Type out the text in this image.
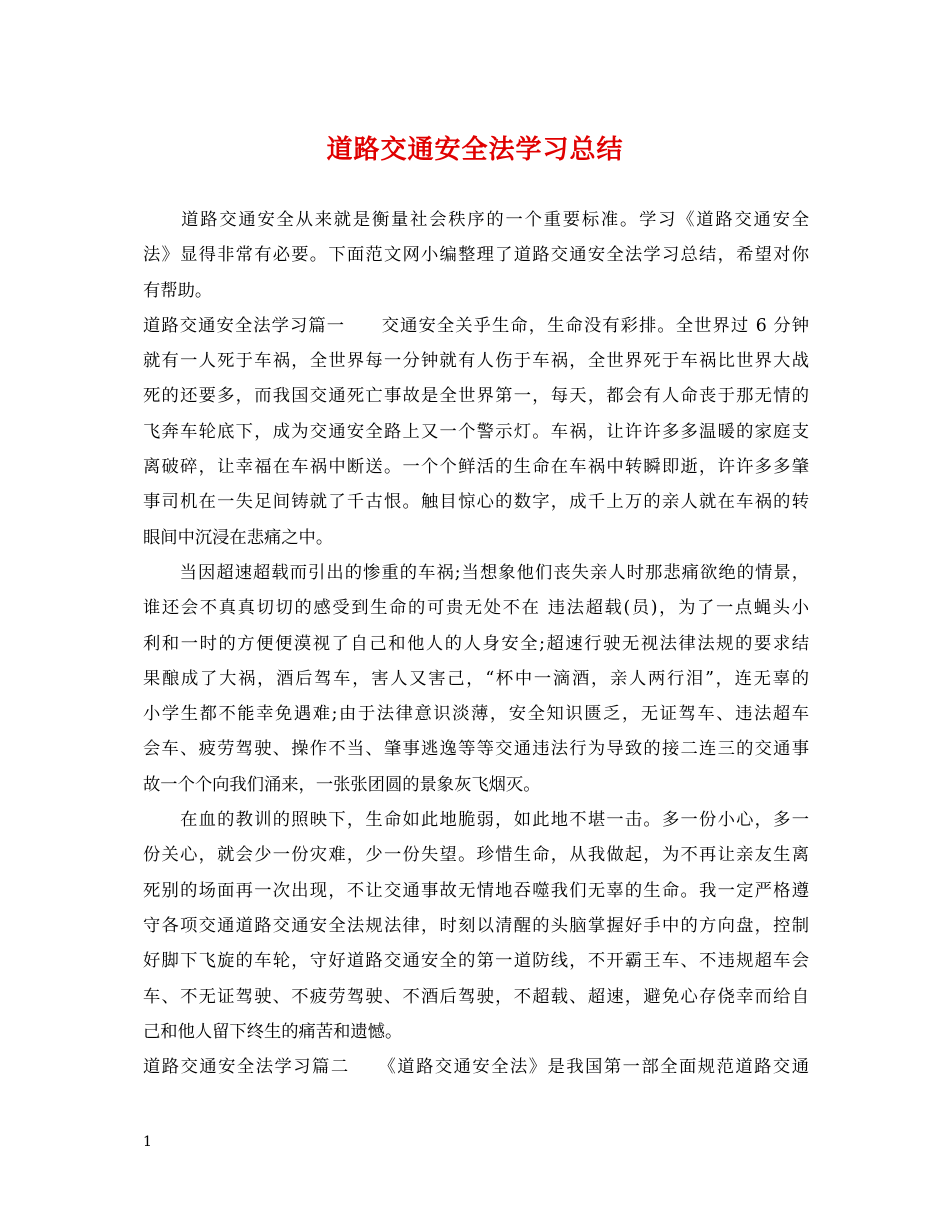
道路交通安全法学习总结
　　道路交通安全从来就是衡量社会秩序的一个重要标准。学习《道路交通安全
法》显得非常有必要。下面范文网小编整理了道路交通安全法学习总结，希望对你
有帮助。
道路交通安全法学习篇一　　交通安全关乎生命，生命没有彩排。全世界过 6 分钟
就有一人死于车祸，全世界每一分钟就有人伤于车祸，全世界死于车祸比世界大战
死的还要多，而我国交通死亡事故是全世界第一，每天，都会有人命丧于那无情的
飞奔车轮底下，成为交通安全路上又一个警示灯。车祸，让许许多多温暖的家庭支
离破碎，让幸福在车祸中断送。一个个鲜活的生命在车祸中转瞬即逝，许许多多肇
事司机在一失足间铸就了千古恨。触目惊心的数字，成千上万的亲人就在车祸的转
眼间中沉浸在悲痛之中。
　　当因超速超载而引出的惨重的车祸;当想象他们丧失亲人时那悲痛欲绝的情景，
谁还会不真真切切的感受到生命的可贵无处不在 违法超载(员)，为了一点蝇头小
利和一时的方便便漠视了自己和他人的人身安全;超速行驶无视法律法规的要求结
果酿成了大祸，酒后驾车，害人又害己，“杯中一滴酒，亲人两行泪”，连无辜的
小学生都不能幸免遇难;由于法律意识淡薄，安全知识匮乏，无证驾车、违法超车
会车、疲劳驾驶、操作不当、肇事逃逸等等交通违法行为导致的接二连三的交通事
故一个个向我们涌来，一张张团圆的景象灰飞烟灭。
　　在血的教训的照映下，生命如此地脆弱，如此地不堪一击。多一份小心，多一
份关心，就会少一份灾难，少一份失望。珍惜生命，从我做起，为不再让亲友生离
死别的场面再一次出现，不让交通事故无情地吞噬我们无辜的生命。我一定严格遵
守各项交通道路交通安全法规法律，时刻以清醒的头脑掌握好手中的方向盘，控制
好脚下飞旋的车轮，守好道路交通安全的第一道防线，不开霸王车、不违规超车会
车、不无证驾驶、不疲劳驾驶、不酒后驾驶，不超载、超速，避免心存侥幸而给自
己和他人留下终生的痛苦和遗憾。
道路交通安全法学习篇二　　《道路交通安全法》是我国第一部全面规范道路交通
1
